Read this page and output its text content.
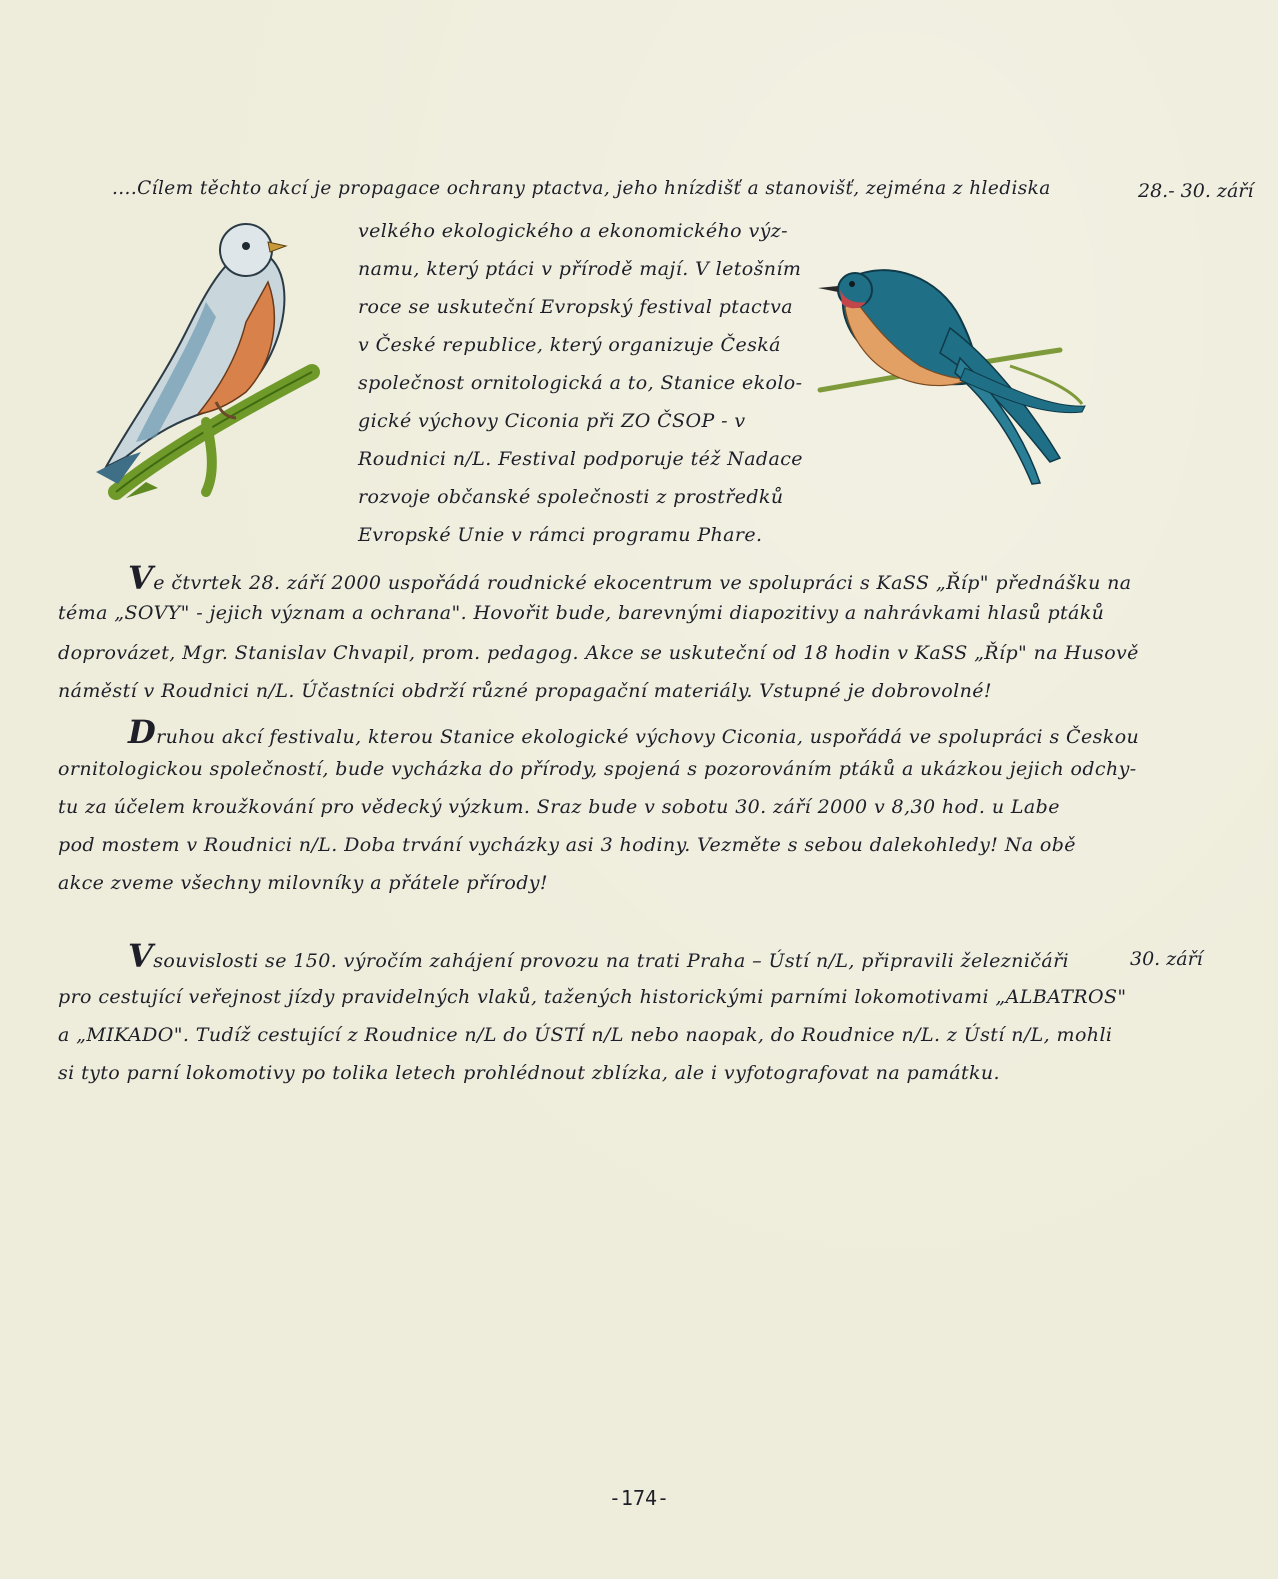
....Cílem těchto akcí je propagace ochrany ptactva, jeho hnízdišť a stanovišť, zejména z hlediska	28.- 30. září
velkého ekologického a ekonomického výz-
namu, který ptáci v přírodě mají. V letošním
roce se uskuteční Evropský festival ptactva
v České republice, který organizuje Česká
společnost ornitologická a to, Stanice ekolo-
gické výchovy Ciconia při ZO ČSOP - v
Roudnici n/L. Festival podporuje též Nadace
rozvoje občanské společnosti z prostředků
Evropské Unie v rámci programu Phare.
Ve čtvrtek 28. září 2000 uspořádá roudnické ekocentrum ve spolupráci s KaSS „Říp" přednášku na
téma „SOVY" - jejich význam a ochrana". Hovořit bude, barevnými diapozitivy a nahrávkami hlasů ptáků
doprovázet, Mgr. Stanislav Chvapil, prom. pedagog. Akce se uskuteční od 18 hodin v KaSS „Říp" na Husově
náměstí v Roudnici n/L. Účastníci obdrží různé propagační materiály. Vstupné je dobrovolné!
Druhou akcí festivalu, kterou Stanice ekologické výchovy Ciconia, uspořádá ve spolupráci s Českou
ornitologickou společností, bude vycházka do přírody, spojená s pozorováním ptáků a ukázkou jejich odchy-
tu za účelem kroužkování pro vědecký výzkum. Sraz bude v sobotu 30. září 2000 v 8,30 hod. u Labe
pod mostem v Roudnici n/L. Doba trvání vycházky asi 3 hodiny. Vezměte s sebou dalekohledy! Na obě
akce zveme všechny milovníky a přátele přírody!
Vsouvislosti se 150. výročím zahájení provozu na trati Praha – Ústí n/L, připravili železničáři	30. září
pro cestující veřejnost jízdy pravidelných vlaků, tažených historickými parními lokomotivami „ALBATROS"
a „MIKADO". Tudíž cestující z Roudnice n/L do ÚSTÍ n/L nebo naopak, do Roudnice n/L. z Ústí n/L, mohli
si tyto parní lokomotivy po tolika letech prohlédnout zblízka, ale i vyfotografovat na památku.
-174-
